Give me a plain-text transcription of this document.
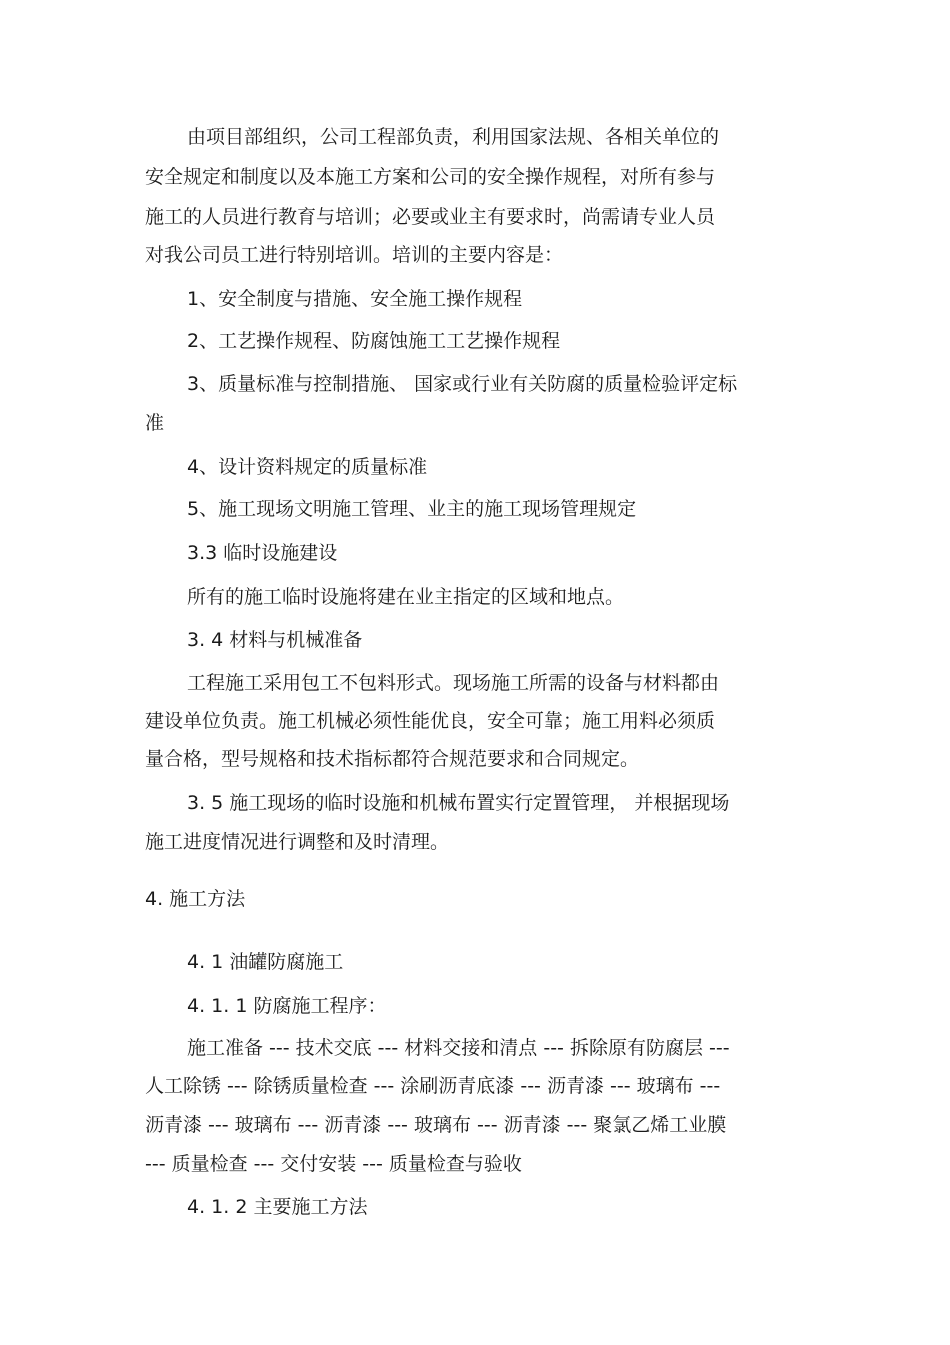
由项目部组织，公司工程部负责，利用国家法规、各相关单位的
安全规定和制度以及本施工方案和公司的安全操作规程，对所有参与
施工的人员进行教育与培训；必要或业主有要求时，尚需请专业人员
对我公司员工进行特别培训。培训的主要内容是：
1、安全制度与措施、安全施工操作规程
2、工艺操作规程、防腐蚀施工工艺操作规程
3、质量标准与控制措施、 国家或行业有关防腐的质量检验评定标
准
4、设计资料规定的质量标准
5、施工现场文明施工管理、业主的施工现场管理规定
3.3 临时设施建设
所有的施工临时设施将建在业主指定的区域和地点。
3. 4 材料与机械准备
工程施工采用包工不包料形式。现场施工所需的设备与材料都由
建设单位负责。施工机械必须性能优良，安全可靠；施工用料必须质
量合格，型号规格和技术指标都符合规范要求和合同规定。
3. 5 施工现场的临时设施和机械布置实行定置管理， 并根据现场
施工进度情况进行调整和及时清理。
4. 施工方法
4. 1 油罐防腐施工
4. 1. 1 防腐施工程序：
施工准备 --- 技术交底 --- 材料交接和清点 --- 拆除原有防腐层 ---
人工除锈 --- 除锈质量检查 --- 涂刷沥青底漆 --- 沥青漆 --- 玻璃布 ---
沥青漆 --- 玻璃布 --- 沥青漆 --- 玻璃布 --- 沥青漆 --- 聚氯乙烯工业膜
--- 质量检查 --- 交付安装 --- 质量检查与验收
4. 1. 2 主要施工方法
